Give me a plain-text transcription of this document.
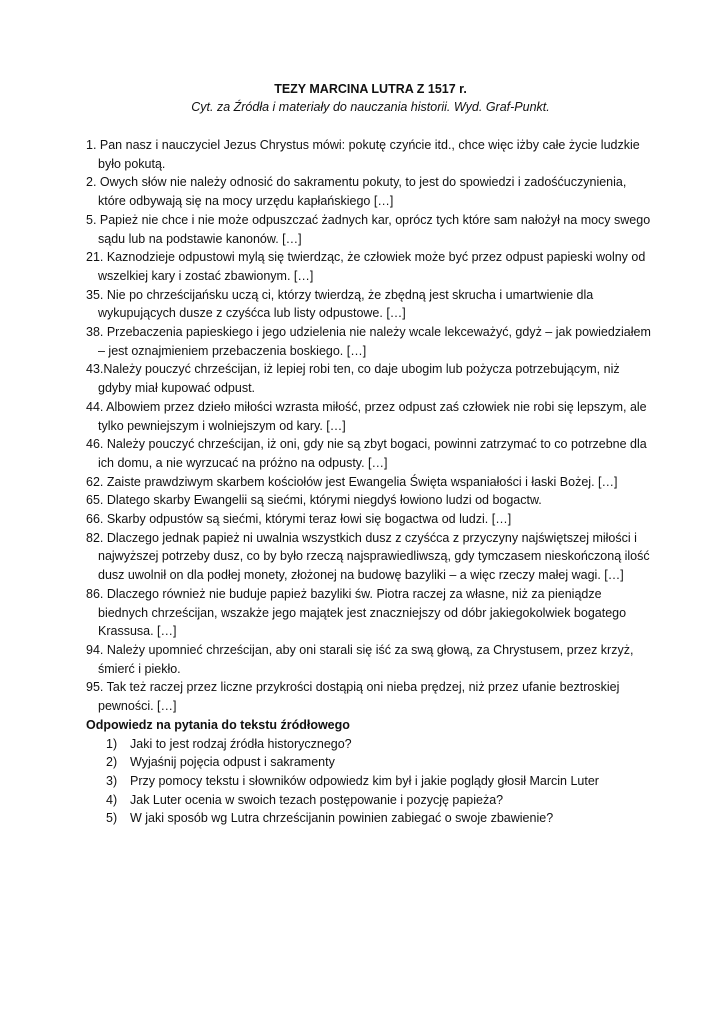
TEZY MARCINA LUTRA Z 1517 r.

Cyt. za Źródła i materiały do nauczania historii. Wyd. Graf-Punkt.

1. Pan nasz i nauczyciel Jezus Chrystus mówi: pokutę czyńcie itd., chce więc iżby całe życie ludzkie było pokutą.
2. Owych słów nie należy odnosić do sakramentu pokuty, to jest do spowiedzi i zadośćuczynienia, które odbywają się na mocy urzędu kapłańskiego […]
5. Papież nie chce i nie może odpuszczać żadnych kar, oprócz tych które sam nałożył na mocy swego sądu lub na podstawie kanonów. […]
21. Kaznodzieje odpustowi mylą się twierdząc, że człowiek może być przez odpust papieski wolny od wszelkiej kary i zostać zbawionym. […]
35. Nie po chrześcijańsku uczą ci, którzy twierdzą, że zbędną jest skrucha i umartwienie dla wykupujących dusze z czyśćca lub listy odpustowe. […]
38. Przebaczenia papieskiego i jego udzielenia nie należy wcale lekceważyć, gdyż – jak powiedziałem – jest oznajmieniem przebaczenia boskiego. […]
43.Należy pouczyć chrześcijan, iż lepiej robi ten, co daje ubogim lub pożycza potrzebującym, niż gdyby miał kupować odpust.
44. Albowiem przez dzieło miłości wzrasta miłość, przez odpust zaś człowiek nie robi się lepszym, ale tylko pewniejszym i wolniejszym od kary. […]
46. Należy pouczyć chrześcijan, iż oni, gdy nie są zbyt bogaci, powinni zatrzymać to co potrzebne dla ich domu, a nie wyrzucać na próżno na odpusty. […]
62. Zaiste prawdziwym skarbem kościołów jest Ewangelia Święta wspaniałości i łaski Bożej. […]
65. Dlatego skarby Ewangelii są siećmi, którymi niegdyś łowiono ludzi od bogactw.
66. Skarby odpustów są siećmi, którymi teraz łowi się bogactwa od ludzi. […]
82. Dlaczego jednak papież ni uwalnia wszystkich dusz z czyśćca z przyczyny najświętszej miłości i najwyższej potrzeby dusz, co by było rzeczą najsprawiedliwszą, gdy tymczasem nieskończoną ilość dusz uwolnił on dla podłej monety, złożonej na budowę bazyliki – a więc rzeczy małej wagi. […]
86. Dlaczego również nie buduje papież bazyliki św. Piotra raczej za własne, niż za pieniądze biednych chrześcijan, wszakże jego majątek jest znaczniejszy od dóbr jakiegokolwiek bogatego Krassusa. […]
94. Należy upomnieć chrześcijan, aby oni starali się iść za swą głową, za Chrystusem, przez krzyż, śmierć i piekło.
95. Tak też raczej przez liczne przykrości dostąpią oni nieba prędzej, niż przez ufanie beztroskiej pewności. […]

Odpowiedz na pytania do tekstu źródłowego

1)	Jaki to jest rodzaj źródła historycznego?
2)	Wyjaśnij pojęcia odpust i sakramenty
3)	Przy pomocy tekstu i słowników odpowiedz kim był i jakie poglądy głosił Marcin Luter
4)	Jak Luter ocenia w swoich tezach postępowanie i pozycję papieża?
5)	W jaki sposób wg Lutra chrześcijanin powinien zabiegać o swoje zbawienie?
